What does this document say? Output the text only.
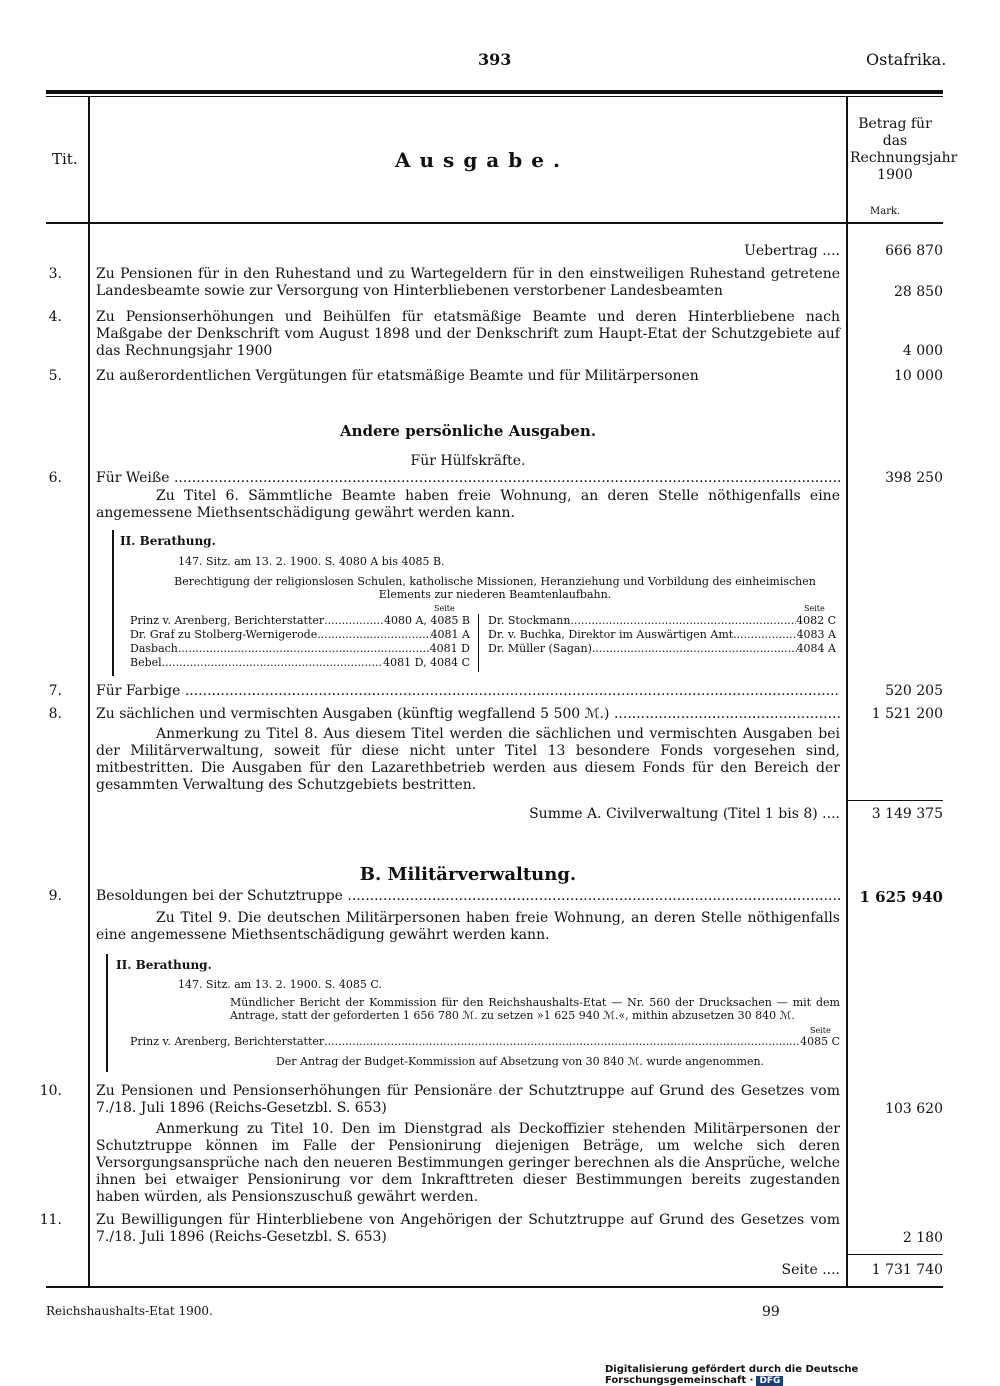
393	Ostafrika.
Tit.	Ausgabe.
Betrag für das Rechnungsjahr 1900
Mark.
Uebertrag ....	666 870
3. Zu Pensionen für in den Ruhestand und zu Wartegeldern für in den einstweiligen Ruhestand getretene Landesbeamte sowie zur Versorgung von Hinterbliebenen verstorbener Landesbeamten	28 850
4. Zu Pensionserhöhungen und Beihülfen für etatsmäßige Beamte und deren Hinterbliebene nach Maßgabe der Denkschrift vom August 1898 und der Denkschrift zum Haupt-Etat der Schutzgebiete auf das Rechnungsjahr 1900	4 000
5. Zu außerordentlichen Vergütungen für etatsmäßige Beamte und für Militärpersonen	10 000
Andere persönliche Ausgaben.
Für Hülfskräfte.
6. Für Weiße .....	398 250
Zu Titel 6. Sämmtliche Beamte haben freie Wohnung, an deren Stelle nöthigenfalls eine angemessene Miethsentschädigung gewährt werden kann.
II. Berathung.
147. Sitz. am 13. 2. 1900. S. 4080 A bis 4085 B.
Berechtigung der religionslosen Schulen, katholische Missionen, Heranziehung und Vorbildung des einheimischen Elements zur niederen Beamtenlaufbahn.
Seite	Seite
Prinz v. Arenberg, Berichterstatter .....	4080 A, 4085 B
Dr. Graf zu Stolberg-Wernigerode .....	4081 A
Dasbach .....	4081 D
Bebel .....	4081 D, 4084 C
Dr. Stockmann .....	4082 C
Dr. v. Buchka, Direktor im Auswärtigen Amt .....	4083 A
Dr. Müller (Sagan) .....	4084 A
7. Für Farbige .....	520 205
8. Zu sächlichen und vermischten Ausgaben (künftig wegfallend 5 500 ℳ.) .....	1 521 200
Anmerkung zu Titel 8. Aus diesem Titel werden die sächlichen und vermischten Ausgaben bei der Militärverwaltung, soweit für diese nicht unter Titel 13 besondere Fonds vorgesehen sind, mitbestritten. Die Ausgaben für den Lazarethbetrieb werden aus diesem Fonds für den Bereich der gesammten Verwaltung des Schutzgebiets bestritten.
Summe A. Civilverwaltung (Titel 1 bis 8) ....	3 149 375
B. Militärverwaltung.
9. Besoldungen bei der Schutztruppe .....	1 625 940
Zu Titel 9. Die deutschen Militärpersonen haben freie Wohnung, an deren Stelle nöthigenfalls eine angemessene Miethsentschädigung gewährt werden kann.
II. Berathung.
147. Sitz. am 13. 2. 1900. S. 4085 C.
Mündlicher Bericht der Kommission für den Reichshaushalts-Etat — Nr. 560 der Drucksachen — mit dem Antrage, statt der geforderten 1 656 780 ℳ. zu setzen »1 625 940 ℳ.«, mithin abzusetzen 30 840 ℳ.
Seite
Prinz v. Arenberg, Berichterstatter .....	4085 C
Der Antrag der Budget-Kommission auf Absetzung von 30 840 ℳ. wurde angenommen.
10. Zu Pensionen und Pensionserhöhungen für Pensionäre der Schutztruppe auf Grund des Gesetzes vom 7./18. Juli 1896 (Reichs-Gesetzbl. S. 653)	103 620
Anmerkung zu Titel 10. Den im Dienstgrad als Deckoffizier stehenden Militärpersonen der Schutztruppe können im Falle der Pensionirung diejenigen Beträge, um welche sich deren Versorgungsansprüche nach den neueren Bestimmungen geringer berechnen als die Ansprüche, welche ihnen bei etwaiger Pensionirung vor dem Inkrafttreten dieser Bestimmungen bereits zugestanden haben würden, als Pensionszuschuß gewährt werden.
11. Zu Bewilligungen für Hinterbliebene von Angehörigen der Schutztruppe auf Grund des Gesetzes vom 7./18. Juli 1896 (Reichs-Gesetzbl. S. 653)	2 180
Seite ....	1 731 740
Reichshaushalts-Etat 1900.	99
Digitalisierung gefördert durch die Deutsche Forschungsgemeinschaft · DFG
